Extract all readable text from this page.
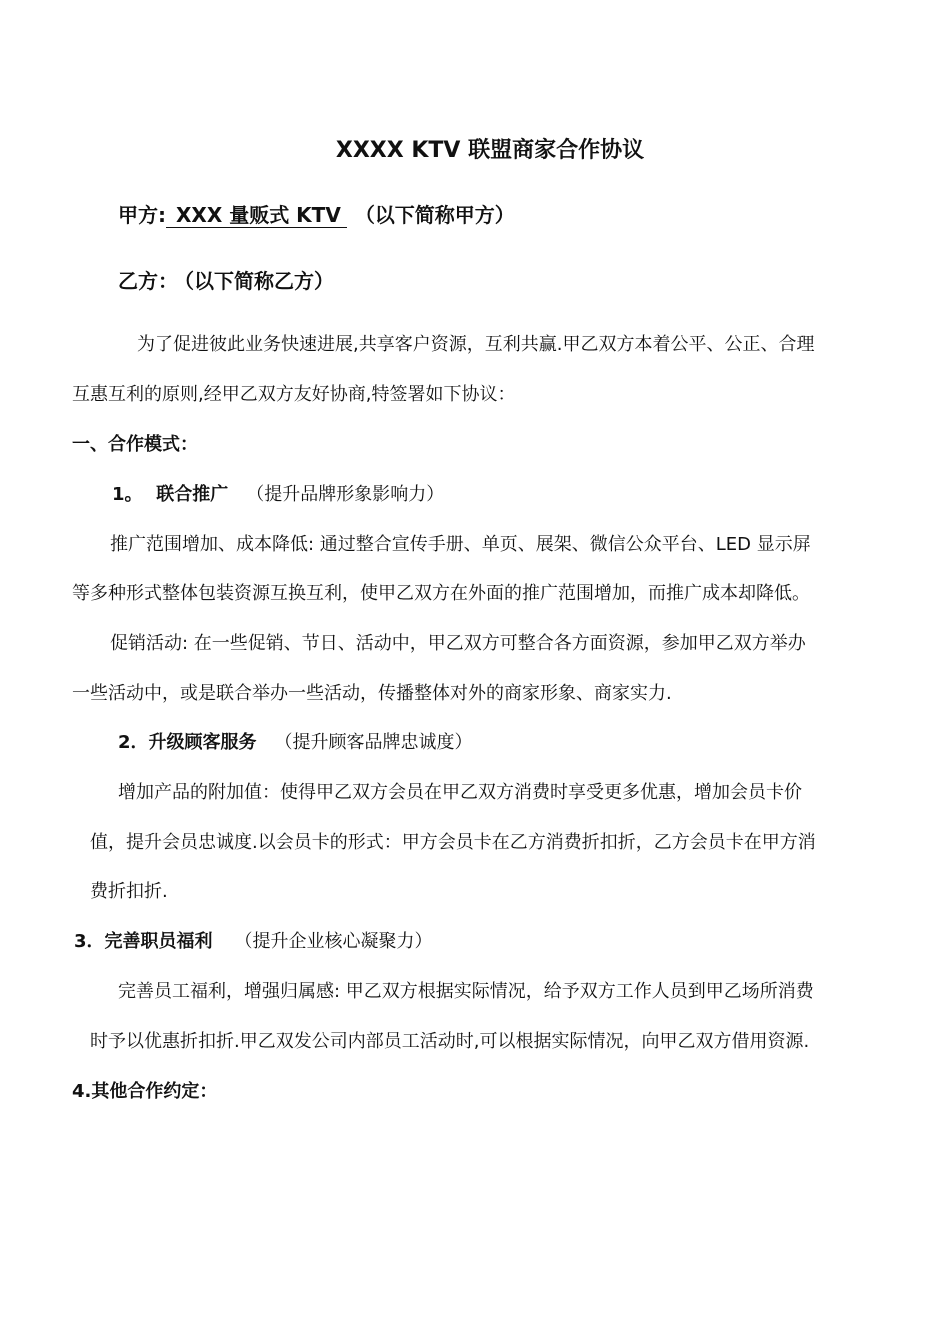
XXXX KTV 联盟商家合作协议
甲方: XXX 量贩式 KTV （以下简称甲方）
乙方： （以下简称乙方）
为了促进彼此业务快速进展,共享客户资源，互利共赢.甲乙双方本着公平、公正、合理
互惠互利的原则,经甲乙双方友好协商,特签署如下协议：
一、合作模式：
1。 联合推广 （提升品牌形象影响力）
推广范围增加、成本降低: 通过整合宣传手册、单页、展架、微信公众平台、LED 显示屏
等多种形式整体包装资源互换互利，使甲乙双方在外面的推广范围增加，而推广成本却降低。
促销活动: 在一些促销、节日、活动中，甲乙双方可整合各方面资源，参加甲乙双方举办
一些活动中，或是联合举办一些活动，传播整体对外的商家形象、商家实力.
2．升级顾客服务 （提升顾客品牌忠诚度）
增加产品的附加值：使得甲乙双方会员在甲乙双方消费时享受更多优惠，增加会员卡价
值，提升会员忠诚度.以会员卡的形式：甲方会员卡在乙方消费折扣折，乙方会员卡在甲方消
费折扣折.
3．完善职员福利 （提升企业核心凝聚力）
完善员工福利，增强归属感: 甲乙双方根据实际情况，给予双方工作人员到甲乙场所消费
时予以优惠折扣折.甲乙双发公司内部员工活动时,可以根据实际情况，向甲乙双方借用资源.
4.其他合作约定：
